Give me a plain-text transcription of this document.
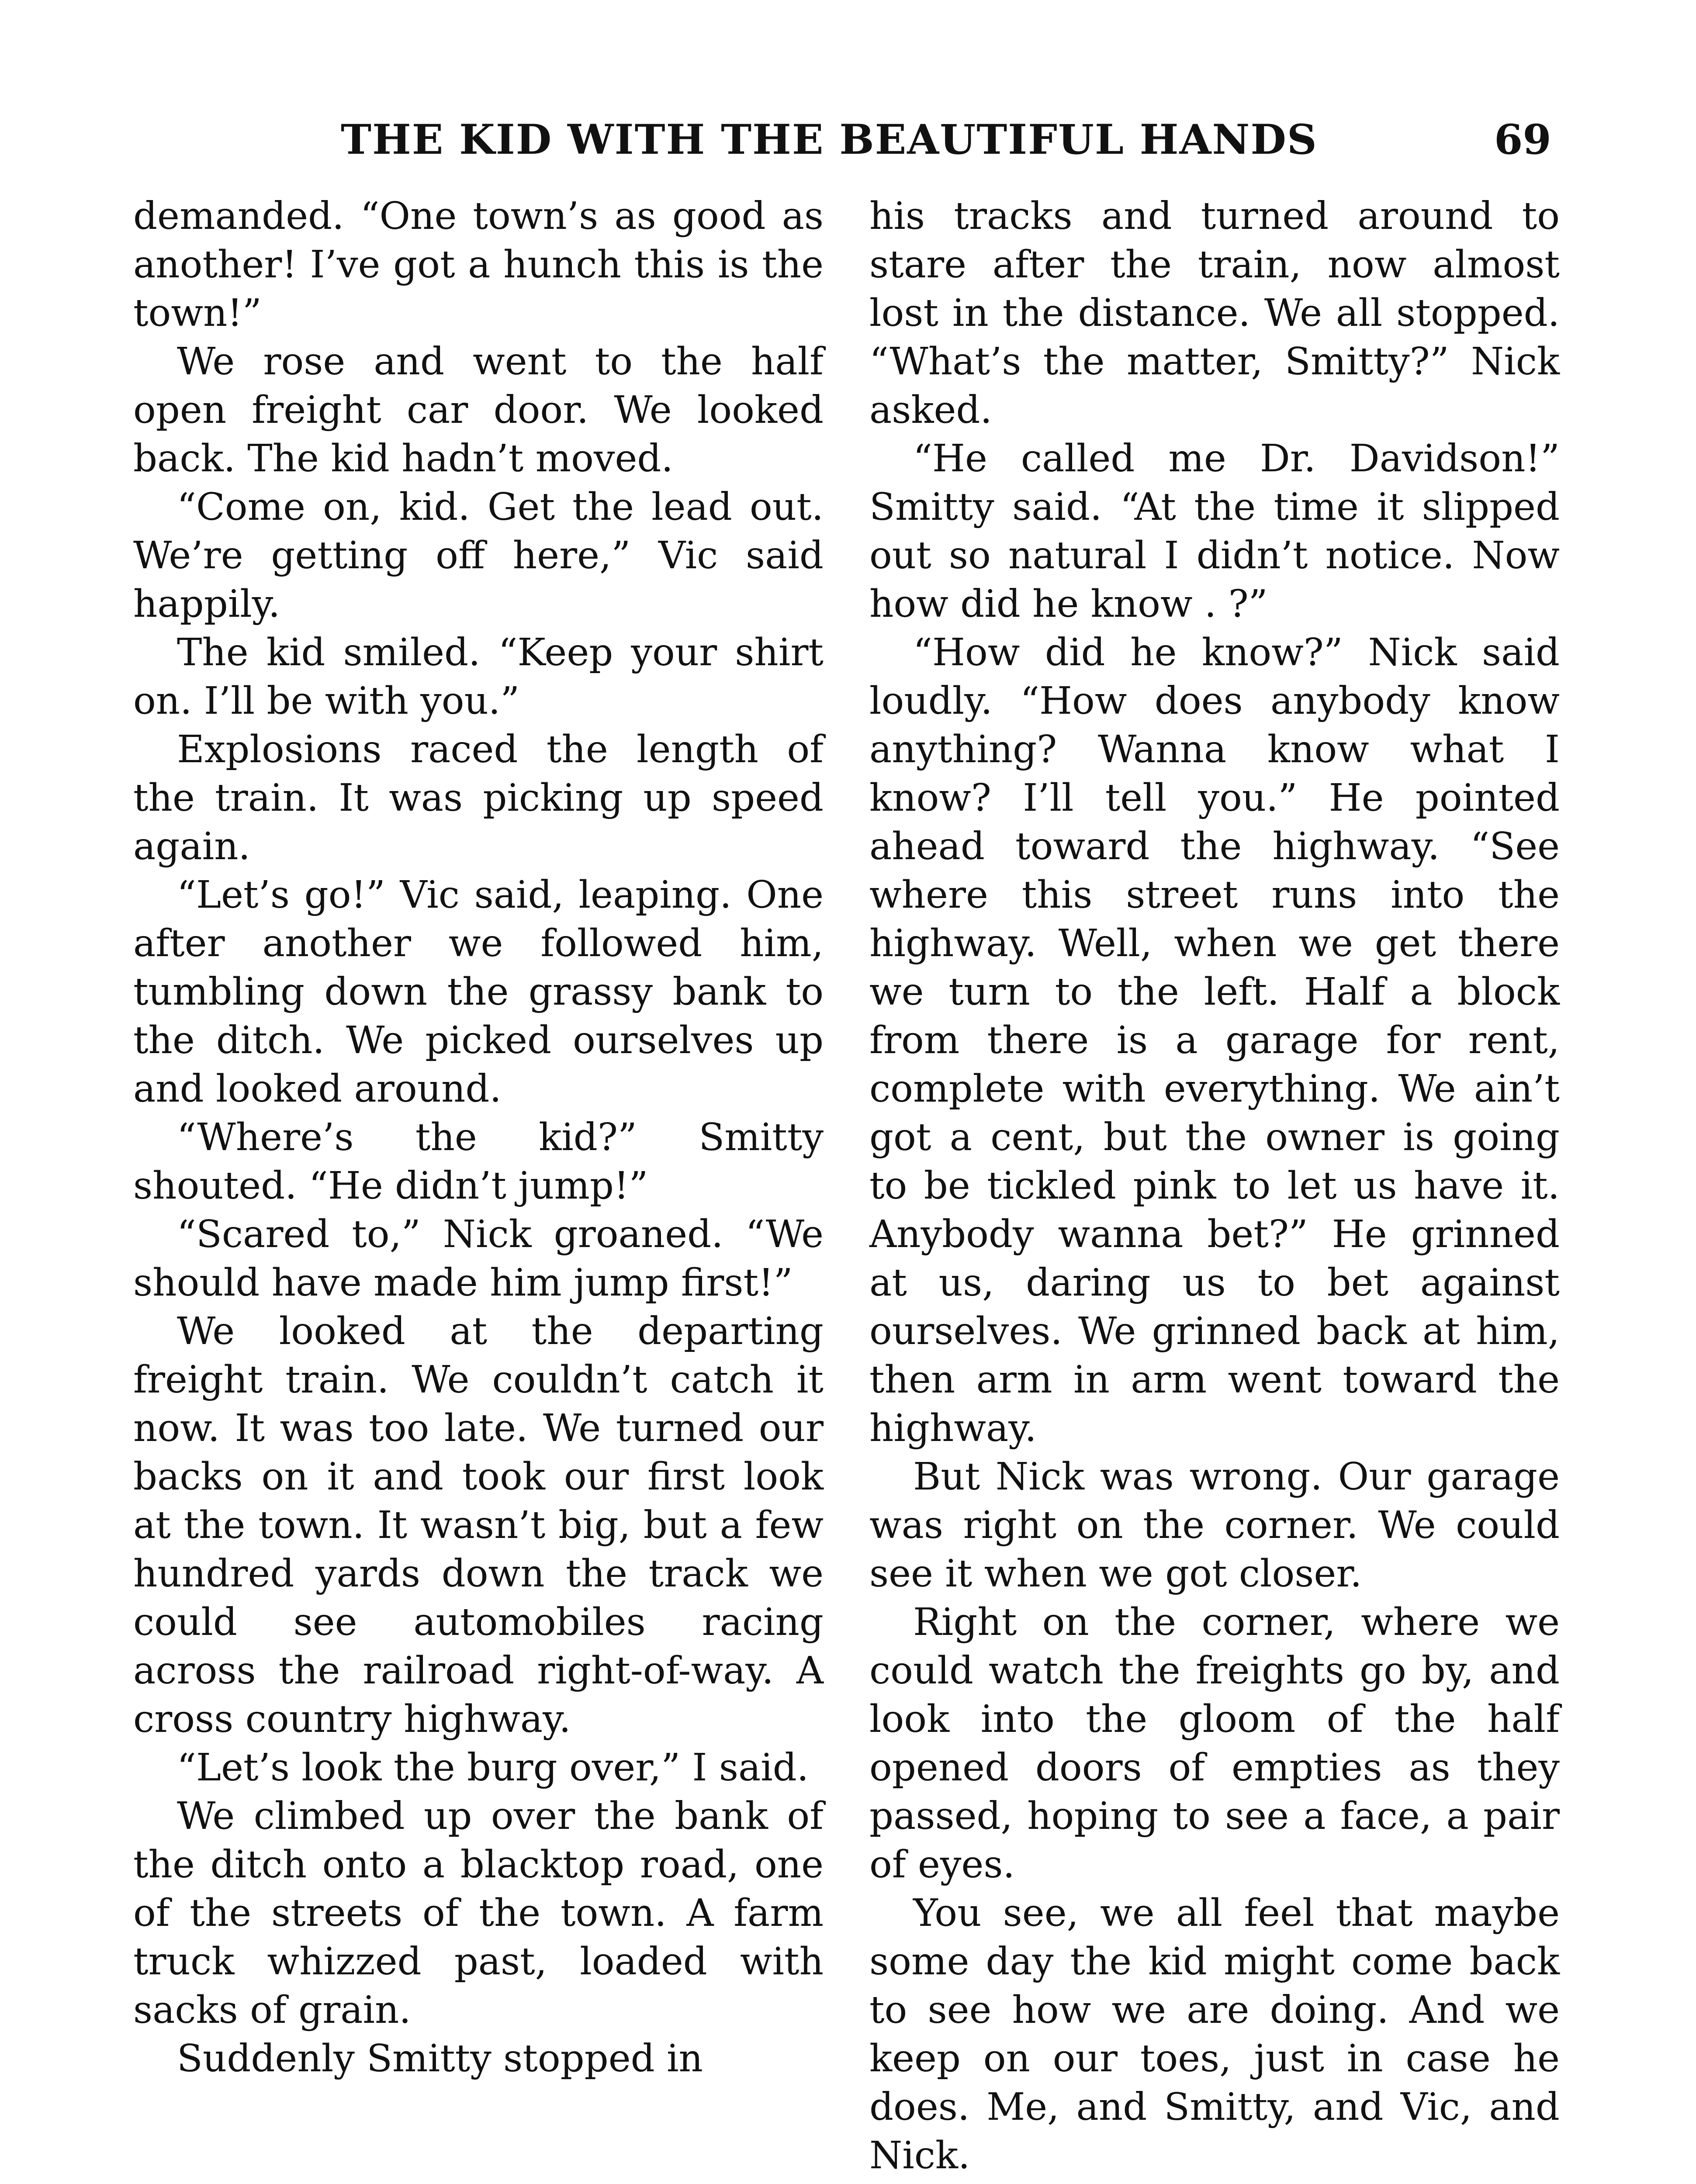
THE KID WITH THE BEAUTIFUL HANDS	69

demanded. “One town’s as good as another! I’ve got a hunch this is the town!”

We rose and went to the half open freight car door. We looked back. The kid hadn’t moved.

“Come on, kid. Get the lead out. We’re getting off here,” Vic said happily.

The kid smiled. “Keep your shirt on. I’ll be with you.”

Explosions raced the length of the train. It was picking up speed again.

“Let’s go!” Vic said, leaping. One after another we followed him, tumbling down the grassy bank to the ditch. We picked ourselves up and looked around.

“Where’s the kid?” Smitty shouted. “He didn’t jump!”

“Scared to,” Nick groaned. “We should have made him jump first!”

We looked at the departing freight train. We couldn’t catch it now. It was too late. We turned our backs on it and took our first look at the town. It wasn’t big, but a few hundred yards down the track we could see automobiles racing across the railroad right-of-way. A cross country highway.

“Let’s look the burg over,” I said.

We climbed up over the bank of the ditch onto a blacktop road, one of the streets of the town. A farm truck whizzed past, loaded with sacks of grain.

Suddenly Smitty stopped in

his tracks and turned around to stare after the train, now almost lost in the distance. We all stopped. “What’s the matter, Smitty?” Nick asked.

“He called me Dr. Davidson!” Smitty said. “At the time it slipped out so natural I didn’t notice. Now how did he know . ?”

“How did he know?” Nick said loudly. “How does anybody know anything? Wanna know what I know? I’ll tell you.” He pointed ahead toward the highway. “See where this street runs into the highway. Well, when we get there we turn to the left. Half a block from there is a garage for rent, complete with everything. We ain’t got a cent, but the owner is going to be tickled pink to let us have it. Anybody wanna bet?” He grinned at us, daring us to bet against ourselves. We grinned back at him, then arm in arm went toward the highway.

But Nick was wrong. Our garage was right on the corner. We could see it when we got closer.

Right on the corner, where we could watch the freights go by, and look into the gloom of the half opened doors of empties as they passed, hoping to see a face, a pair of eyes.

You see, we all feel that maybe some day the kid might come back to see how we are doing. And we keep on our toes, just in case he does. Me, and Smitty, and Vic, and Nick.
